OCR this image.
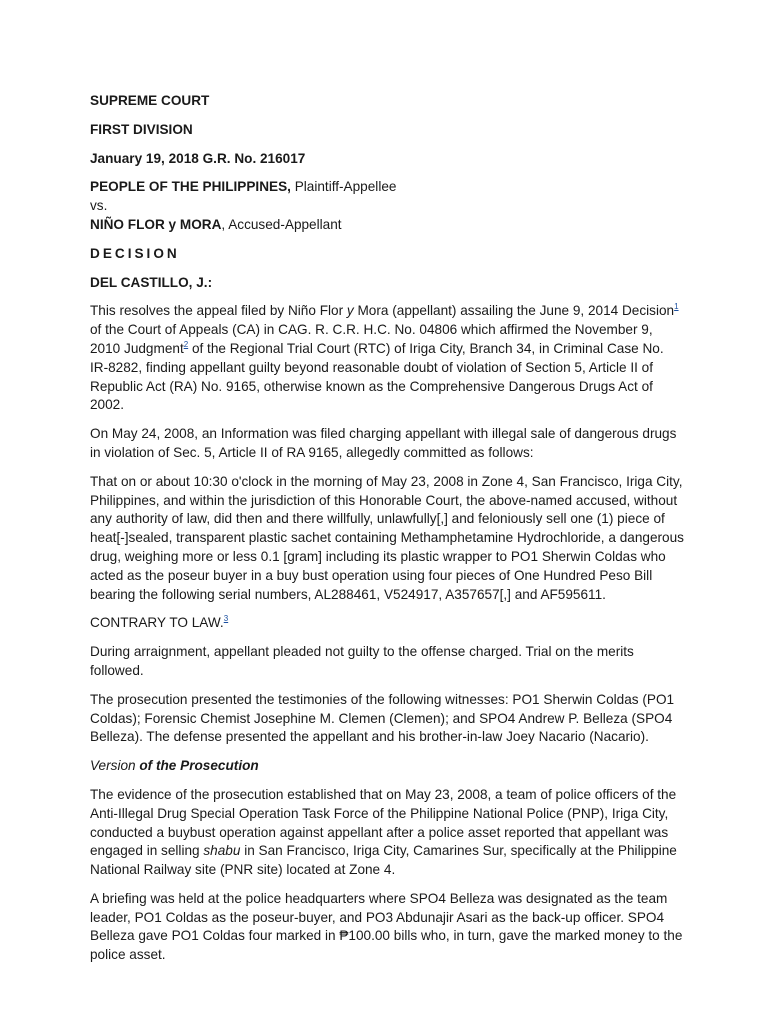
SUPREME COURT

FIRST DIVISION

January 19, 2018 G.R. No. 216017

PEOPLE OF THE PHILIPPINES, Plaintiff-Appellee
vs.
NIÑO FLOR y MORA, Accused-Appellant

DECISION

DEL CASTILLO, J.:

This resolves the appeal filed by Niño Flor y Mora (appellant) assailing the June 9, 2014 Decision$^1$ of the Court of Appeals (CA) in CAG. R. C.R. H.C. No. 04806 which affirmed the November 9, 2010 Judgment$^2$ of the Regional Trial Court (RTC) of Iriga City, Branch 34, in Criminal Case No. IR-8282, finding appellant guilty beyond reasonable doubt of violation of Section 5, Article II of Republic Act (RA) No. 9165, otherwise known as the Comprehensive Dangerous Drugs Act of 2002.

On May 24, 2008, an Information was filed charging appellant with illegal sale of dangerous drugs in violation of Sec. 5, Article II of RA 9165, allegedly committed as follows:

That on or about 10:30 o'clock in the morning of May 23, 2008 in Zone 4, San Francisco, Iriga City, Philippines, and within the jurisdiction of this Honorable Court, the above-named accused, without any authority of law, did then and there willfully, unlawfully[,] and feloniously sell one (1) piece of heat[-]sealed, transparent plastic sachet containing Methamphetamine Hydrochloride, a dangerous drug, weighing more or less 0.1 [gram] including its plastic wrapper to PO1 Sherwin Coldas who acted as the poseur buyer in a buy bust operation using four pieces of One Hundred Peso Bill bearing the following serial numbers, AL288461, V524917, A357657[,] and AF595611.

CONTRARY TO LAW.$^3$

During arraignment, appellant pleaded not guilty to the offense charged. Trial on the merits followed.

The prosecution presented the testimonies of the following witnesses: PO1 Sherwin Coldas (PO1 Coldas); Forensic Chemist Josephine M. Clemen (Clemen); and SPO4 Andrew P. Belleza (SPO4 Belleza). The defense presented the appellant and his brother-in-law Joey Nacario (Nacario).

Version of the Prosecution

The evidence of the prosecution established that on May 23, 2008, a team of police officers of the Anti-Illegal Drug Special Operation Task Force of the Philippine National Police (PNP), Iriga City, conducted a buybust operation against appellant after a police asset reported that appellant was engaged in selling shabu in San Francisco, Iriga City, Camarines Sur, specifically at the Philippine National Railway site (PNR site) located at Zone 4.

A briefing was held at the police headquarters where SPO4 Belleza was designated as the team leader, PO1 Coldas as the poseur-buyer, and PO3 Abdunajir Asari as the back-up officer. SPO4 Belleza gave PO1 Coldas four marked in ₱100.00 bills who, in turn, gave the marked money to the police asset.
